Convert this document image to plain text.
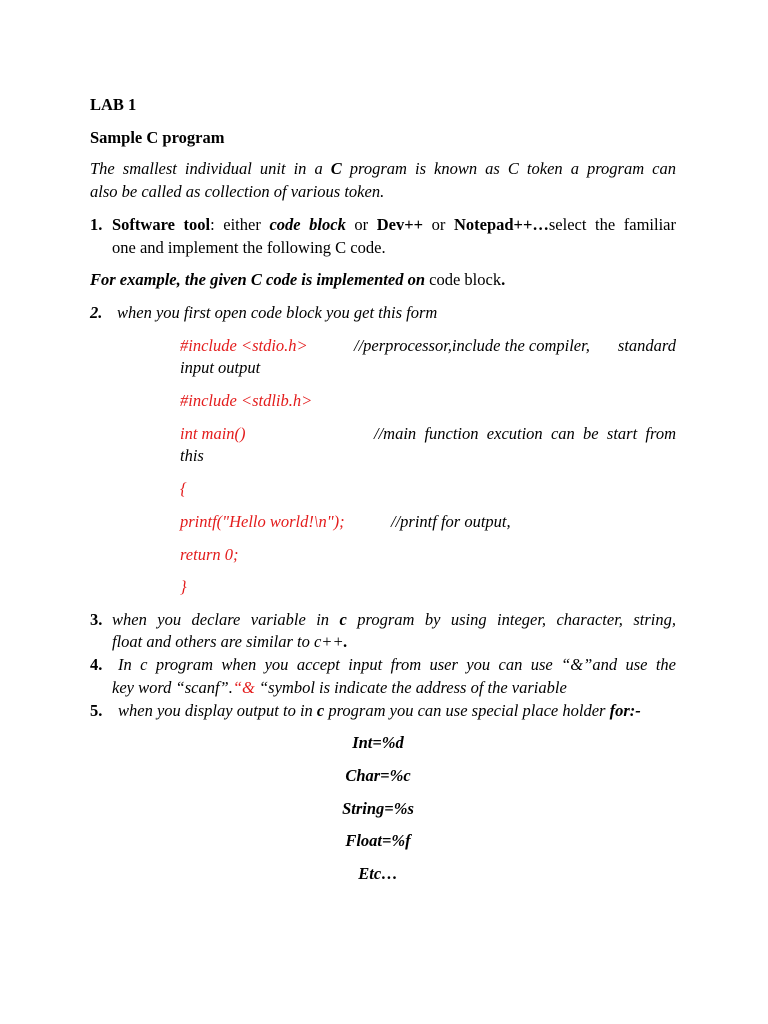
LAB 1
Sample C program
The smallest individual unit in a C program is known as C token a program can
also be called as collection of various token.
1. Software tool: either code block or Dev++ or Notepad++…select the familiar
one and implement the following C code.
For example, the given C code is implemented on code block.
2. when you first open code block you get this form
#include <stdio.h>	//perprocessor,include the compiler, standard
input output
#include <stdlib.h>
int main()	//main function excution can be start from
this
{
printf("Hello world!\n");	//printf for output,
return 0;
}
3. when you declare variable in c program by using integer, character, string,
float and others are similar to c++.
4. In c program when you accept input from user you can use “&”and use the
key word “scanf”.“& “symbol is indicate the address of the variable
5. when you display output to in c program you can use special place holder for:-
Int=%d
Char=%c
String=%s
Float=%f
Etc…
